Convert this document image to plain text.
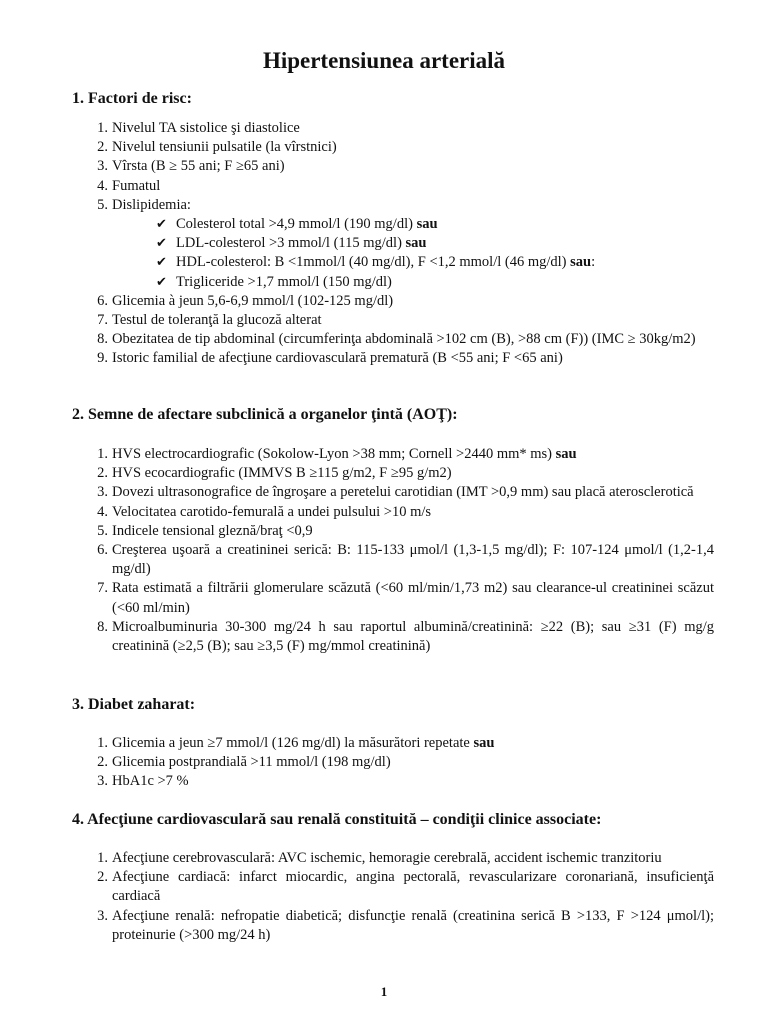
Hipertensiunea arterială
1. Factori de risc:
1 . Nivelul TA sistolice şi diastolice
2 . Nivelul tensiunii pulsatile (la vîrstnici)
3 . Vîrsta (B ≥ 55 ani; F ≥65 ani)
4 . Fumatul
5 . Dislipidemia:
✔ Colesterol total >4,9 mmol/l (190 mg/dl) sau
✔ LDL-colesterol >3 mmol/l (115 mg/dl) sau
✔ HDL-colesterol: B <1mmol/l (40 mg/dl), F <1,2 mmol/l (46 mg/dl) sau:
✔ Trigliceride >1,7 mmol/l (150 mg/dl)
6 . Glicemia à jeun 5,6-6,9 mmol/l (102-125 mg/dl)
7 . Testul de toleranţă la glucoză alterat
8 . Obezitatea de tip abdominal (circumferinţa abdominală >102 cm (B), >88 cm (F)) (IMC ≥ 30kg/m2)
9 . Istoric familial de afecţiune cardiovasculară prematură (B <55 ani; F <65 ani)
2. Semne de afectare subclinică a organelor ţintă (AOŢ):
1 . HVS electrocardiografic (Sokolow-Lyon >38 mm; Cornell >2440 mm* ms) sau
2 . HVS ecocardiografic (IMMVS B ≥115 g/m2, F ≥95 g/m2)
3 . Dovezi ultrasonografice de îngroşare a peretelui carotidian (IMT >0,9 mm) sau placă aterosclerotică
4 . Velocitatea carotido-femurală a undei pulsului >10 m/s
5 . Indicele tensional gleznă/braţ <0,9
6 . Creşterea uşoară a creatininei serică: B: 115-133 μmol/l (1,3-1,5 mg/dl); F: 107-124 μmol/l (1,2-1,4 mg/dl)
7 . Rata estimată a filtrării glomerulare scăzută (<60 ml/min/1,73 m2) sau clearance-ul creatininei scăzut (<60 ml/min)
8 . Microalbuminuria 30-300 mg/24 h sau raportul albumină/creatinină: ≥22 (B); sau ≥31 (F) mg/g creatinină (≥2,5 (B); sau ≥3,5 (F) mg/mmol creatinină)
3. Diabet zaharat:
1 . Glicemia a jeun ≥7 mmol/l (126 mg/dl) la măsurători repetate sau
2 . Glicemia postprandială >11 mmol/l (198 mg/dl)
3 . HbA1c >7 %
4. Afecţiune cardiovasculară sau renală constituită – condiţii clinice associate:
1 . Afecţiune cerebrovasculară: AVC ischemic, hemoragie cerebrală, accident ischemic tranzitoriu
2 . Afecţiune cardiacă: infarct miocardic, angina pectorală, revascularizare coronariană, insuficienţă cardiacă
3 . Afecţiune renală: nefropatie diabetică; disfuncţie renală (creatinina serică B >133, F >124 μmol/l); proteinurie (>300 mg/24 h)
1
